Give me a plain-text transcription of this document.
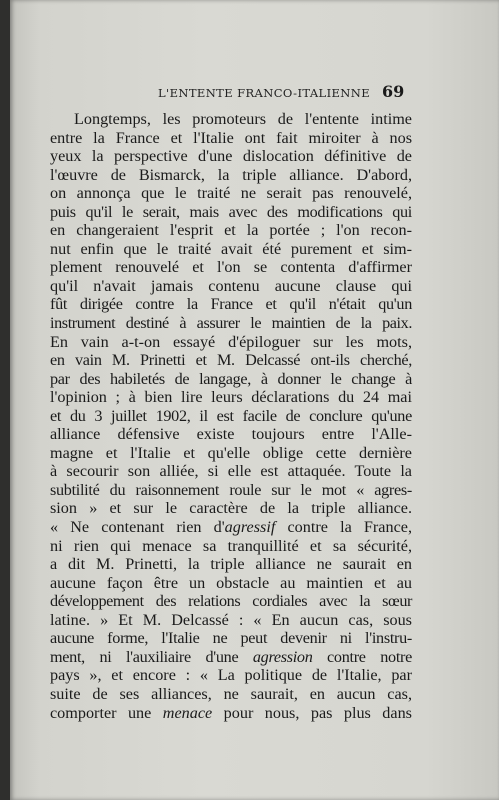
L'ENTENTE FRANCO-ITALIENNE 69
Longtemps, les promoteurs de l'entente intime
entre la France et l'Italie ont fait miroiter à nos
yeux la perspective d'une dislocation définitive de
l'œuvre de Bismarck, la triple alliance. D'abord,
on annonça que le traité ne serait pas renouvelé,
puis qu'il le serait, mais avec des modifications qui
en changeraient l'esprit et la portée ; l'on recon-
nut enfin que le traité avait été purement et sim-
plement renouvelé et l'on se contenta d'affirmer
qu'il n'avait jamais contenu aucune clause qui
fût dirigée contre la France et qu'il n'était qu'un
instrument destiné à assurer le maintien de la paix.
En vain a-t-on essayé d'épiloguer sur les mots,
en vain M. Prinetti et M. Delcassé ont-ils cherché,
par des habiletés de langage, à donner le change à
l'opinion ; à bien lire leurs déclarations du 24 mai
et du 3 juillet 1902, il est facile de conclure qu'une
alliance défensive existe toujours entre l'Alle-
magne et l'Italie et qu'elle oblige cette dernière
à secourir son alliée, si elle est attaquée. Toute la
subtilité du raisonnement roule sur le mot « agres-
sion » et sur le caractère de la triple alliance.
« Ne contenant rien d'agressif contre la France,
ni rien qui menace sa tranquillité et sa sécurité,
a dit M. Prinetti, la triple alliance ne saurait en
aucune façon être un obstacle au maintien et au
développement des relations cordiales avec la sœur
latine. » Et M. Delcassé : « En aucun cas, sous
aucune forme, l'Italie ne peut devenir ni l'instru-
ment, ni l'auxiliaire d'une agression contre notre
pays », et encore : « La politique de l'Italie, par
suite de ses alliances, ne saurait, en aucun cas,
comporter une menace pour nous, pas plus dans
